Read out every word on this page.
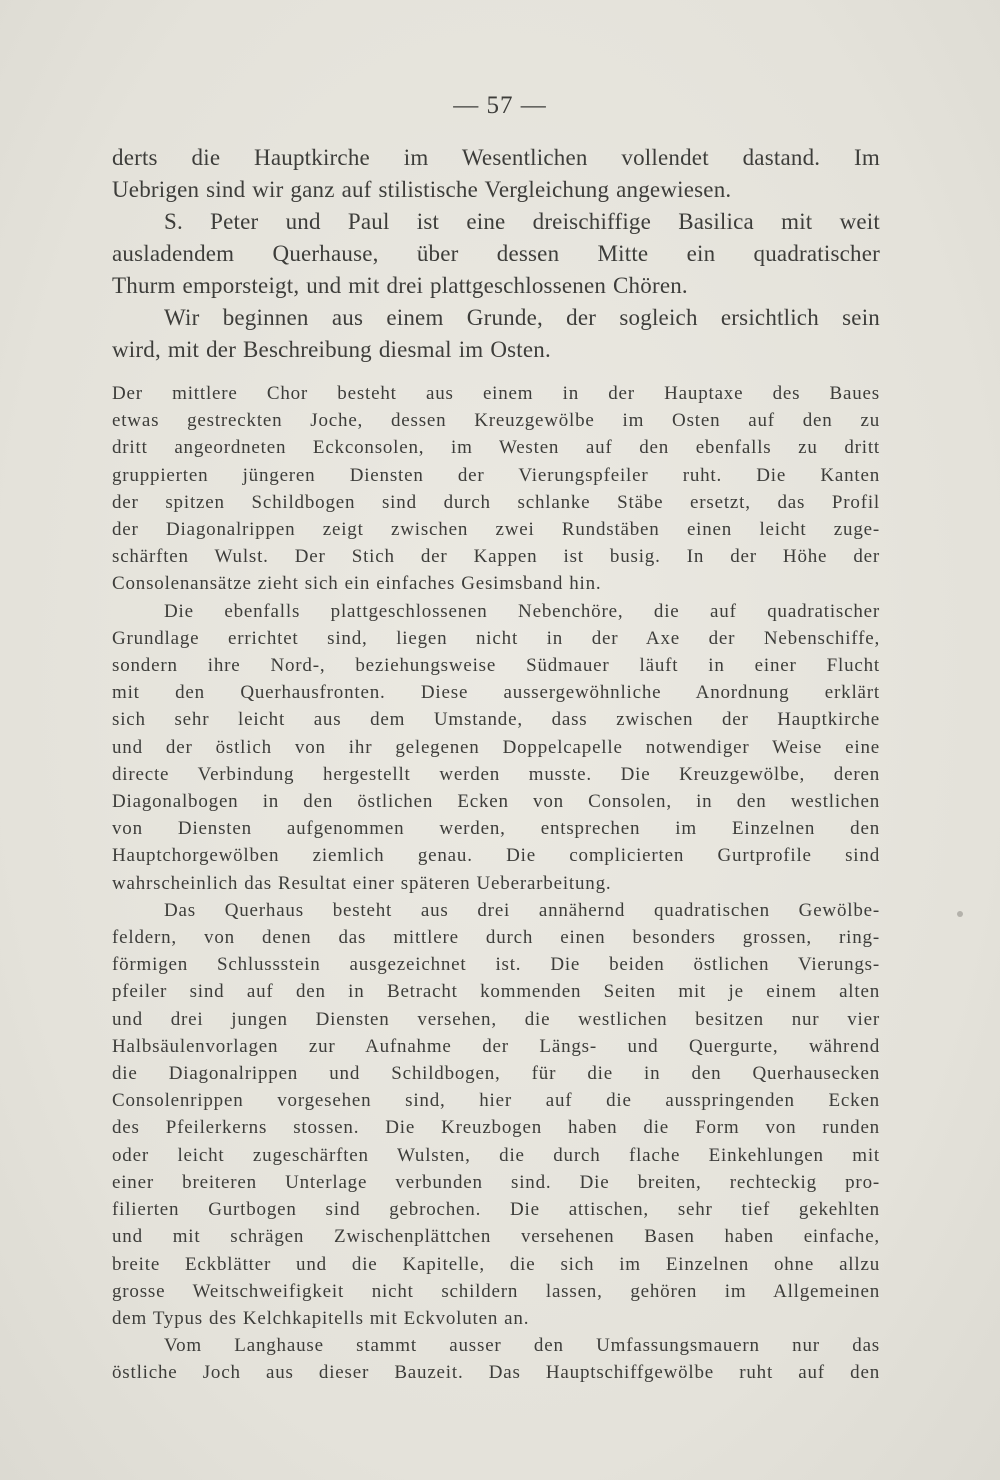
— 57 —
derts die Hauptkirche im Wesentlichen vollendet dastand. Im
Uebrigen sind wir ganz auf stilistische Vergleichung angewiesen.
S. Peter und Paul ist eine dreischiffige Basilica mit weit
ausladendem Querhause, über dessen Mitte ein quadratischer
Thurm emporsteigt, und mit drei plattgeschlossenen Chören.
Wir beginnen aus einem Grunde, der sogleich ersichtlich sein
wird, mit der Beschreibung diesmal im Osten.
Der mittlere Chor besteht aus einem in der Hauptaxe des Baues
etwas gestreckten Joche, dessen Kreuzgewölbe im Osten auf den zu
dritt angeordneten Eckconsolen, im Westen auf den ebenfalls zu dritt
gruppierten jüngeren Diensten der Vierungspfeiler ruht. Die Kanten
der spitzen Schildbogen sind durch schlanke Stäbe ersetzt, das Profil
der Diagonalrippen zeigt zwischen zwei Rundstäben einen leicht zuge-
schärften Wulst. Der Stich der Kappen ist busig. In der Höhe der
Consolenansätze zieht sich ein einfaches Gesimsband hin.
Die ebenfalls plattgeschlossenen Nebenchöre, die auf quadratischer
Grundlage errichtet sind, liegen nicht in der Axe der Nebenschiffe,
sondern ihre Nord-, beziehungsweise Südmauer läuft in einer Flucht
mit den Querhausfronten. Diese aussergewöhnliche Anordnung erklärt
sich sehr leicht aus dem Umstande, dass zwischen der Hauptkirche
und der östlich von ihr gelegenen Doppelcapelle notwendiger Weise eine
directe Verbindung hergestellt werden musste. Die Kreuzgewölbe, deren
Diagonalbogen in den östlichen Ecken von Consolen, in den westlichen
von Diensten aufgenommen werden, entsprechen im Einzelnen den
Hauptchorgewölben ziemlich genau. Die complicierten Gurtprofile sind
wahrscheinlich das Resultat einer späteren Ueberarbeitung.
Das Querhaus besteht aus drei annähernd quadratischen Gewölbe-
feldern, von denen das mittlere durch einen besonders grossen, ring-
förmigen Schlussstein ausgezeichnet ist. Die beiden östlichen Vierungs-
pfeiler sind auf den in Betracht kommenden Seiten mit je einem alten
und drei jungen Diensten versehen, die westlichen besitzen nur vier
Halbsäulenvorlagen zur Aufnahme der Längs- und Quergurte, während
die Diagonalrippen und Schildbogen, für die in den Querhausecken
Consolenrippen vorgesehen sind, hier auf die ausspringenden Ecken
des Pfeilerkerns stossen. Die Kreuzbogen haben die Form von runden
oder leicht zugeschärften Wulsten, die durch flache Einkehlungen mit
einer breiteren Unterlage verbunden sind. Die breiten, rechteckig pro-
filierten Gurtbogen sind gebrochen. Die attischen, sehr tief gekehlten
und mit schrägen Zwischenplättchen versehenen Basen haben einfache,
breite Eckblätter und die Kapitelle, die sich im Einzelnen ohne allzu
grosse Weitschweifigkeit nicht schildern lassen, gehören im Allgemeinen
dem Typus des Kelchkapitells mit Eckvoluten an.
Vom Langhause stammt ausser den Umfassungsmauern nur das
östliche Joch aus dieser Bauzeit. Das Hauptschiffgewölbe ruht auf den
